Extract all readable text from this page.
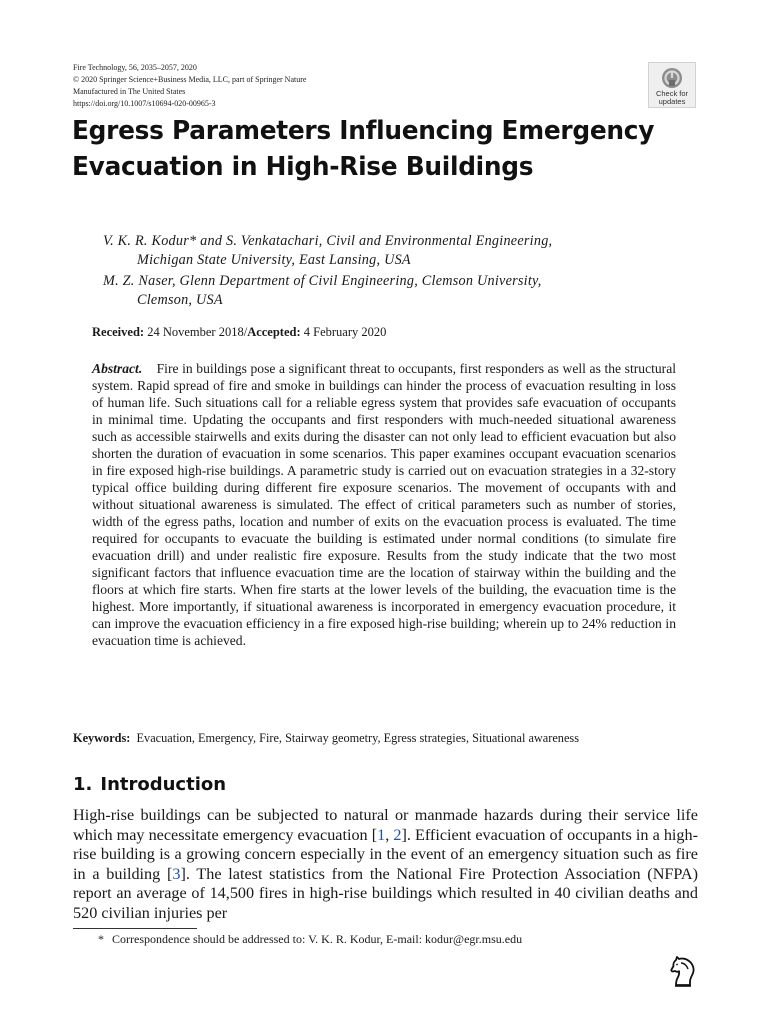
Fire Technology, 56, 2035–2057, 2020
© 2020 Springer Science+Business Media, LLC, part of Springer Nature
Manufactured in The United States
https://doi.org/10.1007/s10694-020-00965-3
Check for
updates
Egress Parameters Influencing Emergency
Evacuation in High-Rise Buildings
V. K. R. Kodur* and S. Venkatachari, Civil and Environmental Engineering,
Michigan State University, East Lansing, USA
M. Z. Naser, Glenn Department of Civil Engineering, Clemson University,
Clemson, USA
Received: 24 November 2018/Accepted: 4 February 2020

Abstract. Fire in buildings pose a significant threat to occupants, first responders as well as the structural system. Rapid spread of fire and smoke in buildings can hinder the process of evacuation resulting in loss of human life. Such situations call for a reliable egress system that provides safe evacuation of occupants in minimal time. Updating the occupants and first responders with much-needed situational awareness such as accessible stairwells and exits during the disaster can not only lead to efficient evacuation but also shorten the duration of evacuation in some scenarios. This paper examines occupant evacuation scenarios in fire exposed high-rise buildings. A parametric study is carried out on evacuation strategies in a 32-story typical office building during different fire exposure scenarios. The movement of occupants with and without situational awareness is simulated. The effect of critical parameters such as number of stories, width of the egress paths, location and number of exits on the evacuation process is evaluated. The time required for occupants to evacuate the building is estimated under normal conditions (to simulate fire evacuation drill) and under realistic fire exposure. Results from the study indicate that the two most significant factors that influence evacuation time are the location of stairway within the building and the floors at which fire starts. When fire starts at the lower levels of the building, the evacuation time is the highest. More importantly, if situational awareness is incorporated in emergency evacuation procedure, it can improve the evacuation efficiency in a fire exposed high-rise building; wherein up to 24% reduction in evacuation time is achieved.

Keywords: Evacuation, Emergency, Fire, Stairway geometry, Egress strategies, Situational awareness
1. Introduction

High-rise buildings can be subjected to natural or manmade hazards during their service life which may necessitate emergency evacuation [1, 2]. Efficient evacuation of occupants in a high-rise building is a growing concern especially in the event of an emergency situation such as fire in a building [3]. The latest statistics from the National Fire Protection Association (NFPA) report an average of 14,500 fires in high-rise buildings which resulted in 40 civilian deaths and 520 civilian injuries per

* Correspondence should be addressed to: V. K. R. Kodur, E-mail: kodur@egr.msu.edu
